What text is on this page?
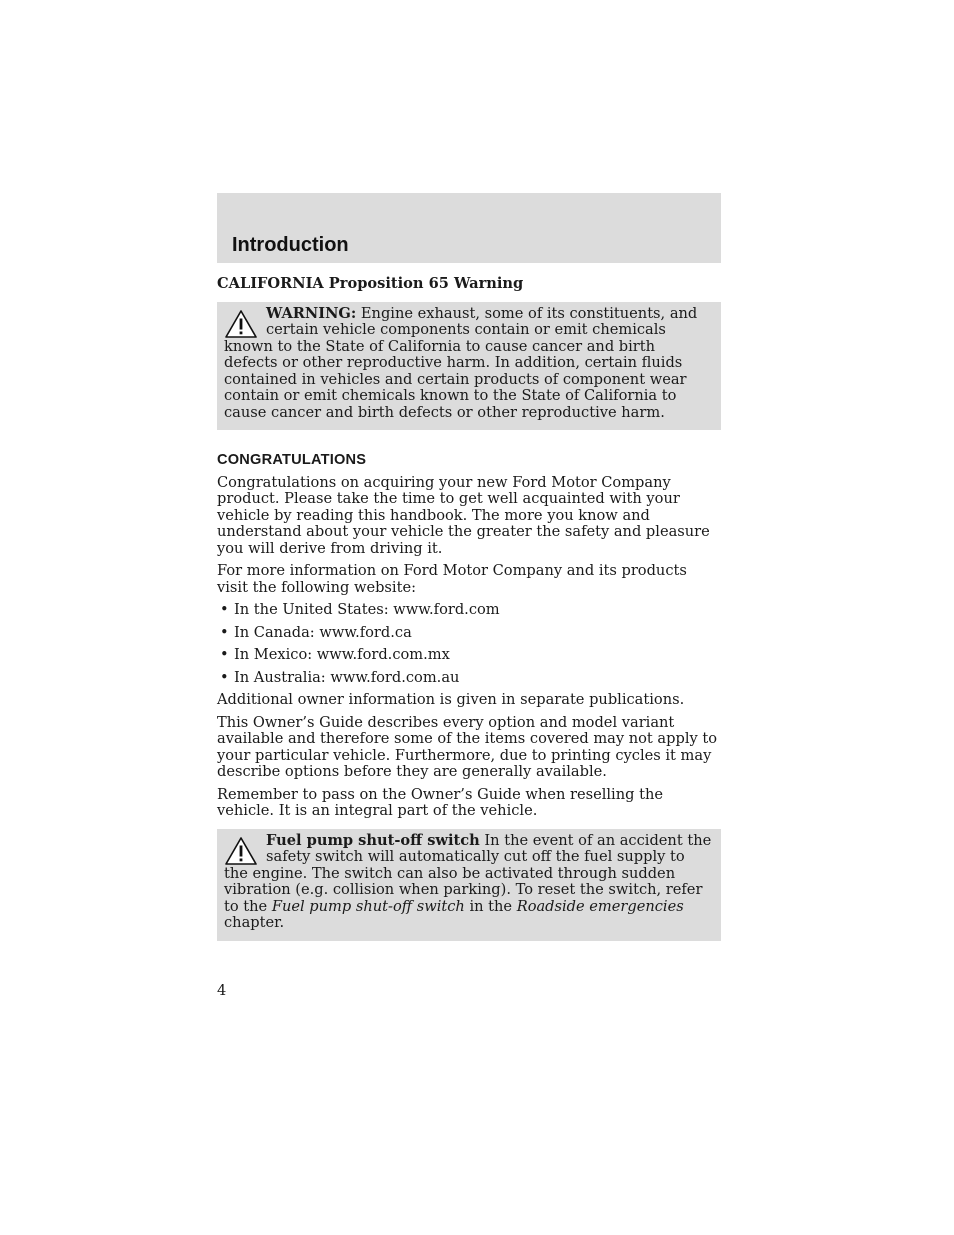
Introduction
CALIFORNIA Proposition 65 Warning

WARNING: Engine exhaust, some of its constituents, and certain vehicle components contain or emit chemicals known to the State of California to cause cancer and birth defects or other reproductive harm. In addition, certain fluids contained in vehicles and certain products of component wear contain or emit chemicals known to the State of California to cause cancer and birth defects or other reproductive harm.

CONGRATULATIONS

Congratulations on acquiring your new Ford Motor Company product. Please take the time to get well acquainted with your vehicle by reading this handbook. The more you know and understand about your vehicle the greater the safety and pleasure you will derive from driving it.

For more information on Ford Motor Company and its products visit the following website:

• In the United States: www.ford.com
• In Canada: www.ford.ca
• In Mexico: www.ford.com.mx
• In Australia: www.ford.com.au

Additional owner information is given in separate publications.

This Owner’s Guide describes every option and model variant available and therefore some of the items covered may not apply to your particular vehicle. Furthermore, due to printing cycles it may describe options before they are generally available.

Remember to pass on the Owner’s Guide when reselling the vehicle. It is an integral part of the vehicle.

Fuel pump shut-off switch In the event of an accident the safety switch will automatically cut off the fuel supply to the engine. The switch can also be activated through sudden vibration (e.g. collision when parking). To reset the switch, refer to the Fuel pump shut-off switch in the Roadside emergencies chapter.

4
